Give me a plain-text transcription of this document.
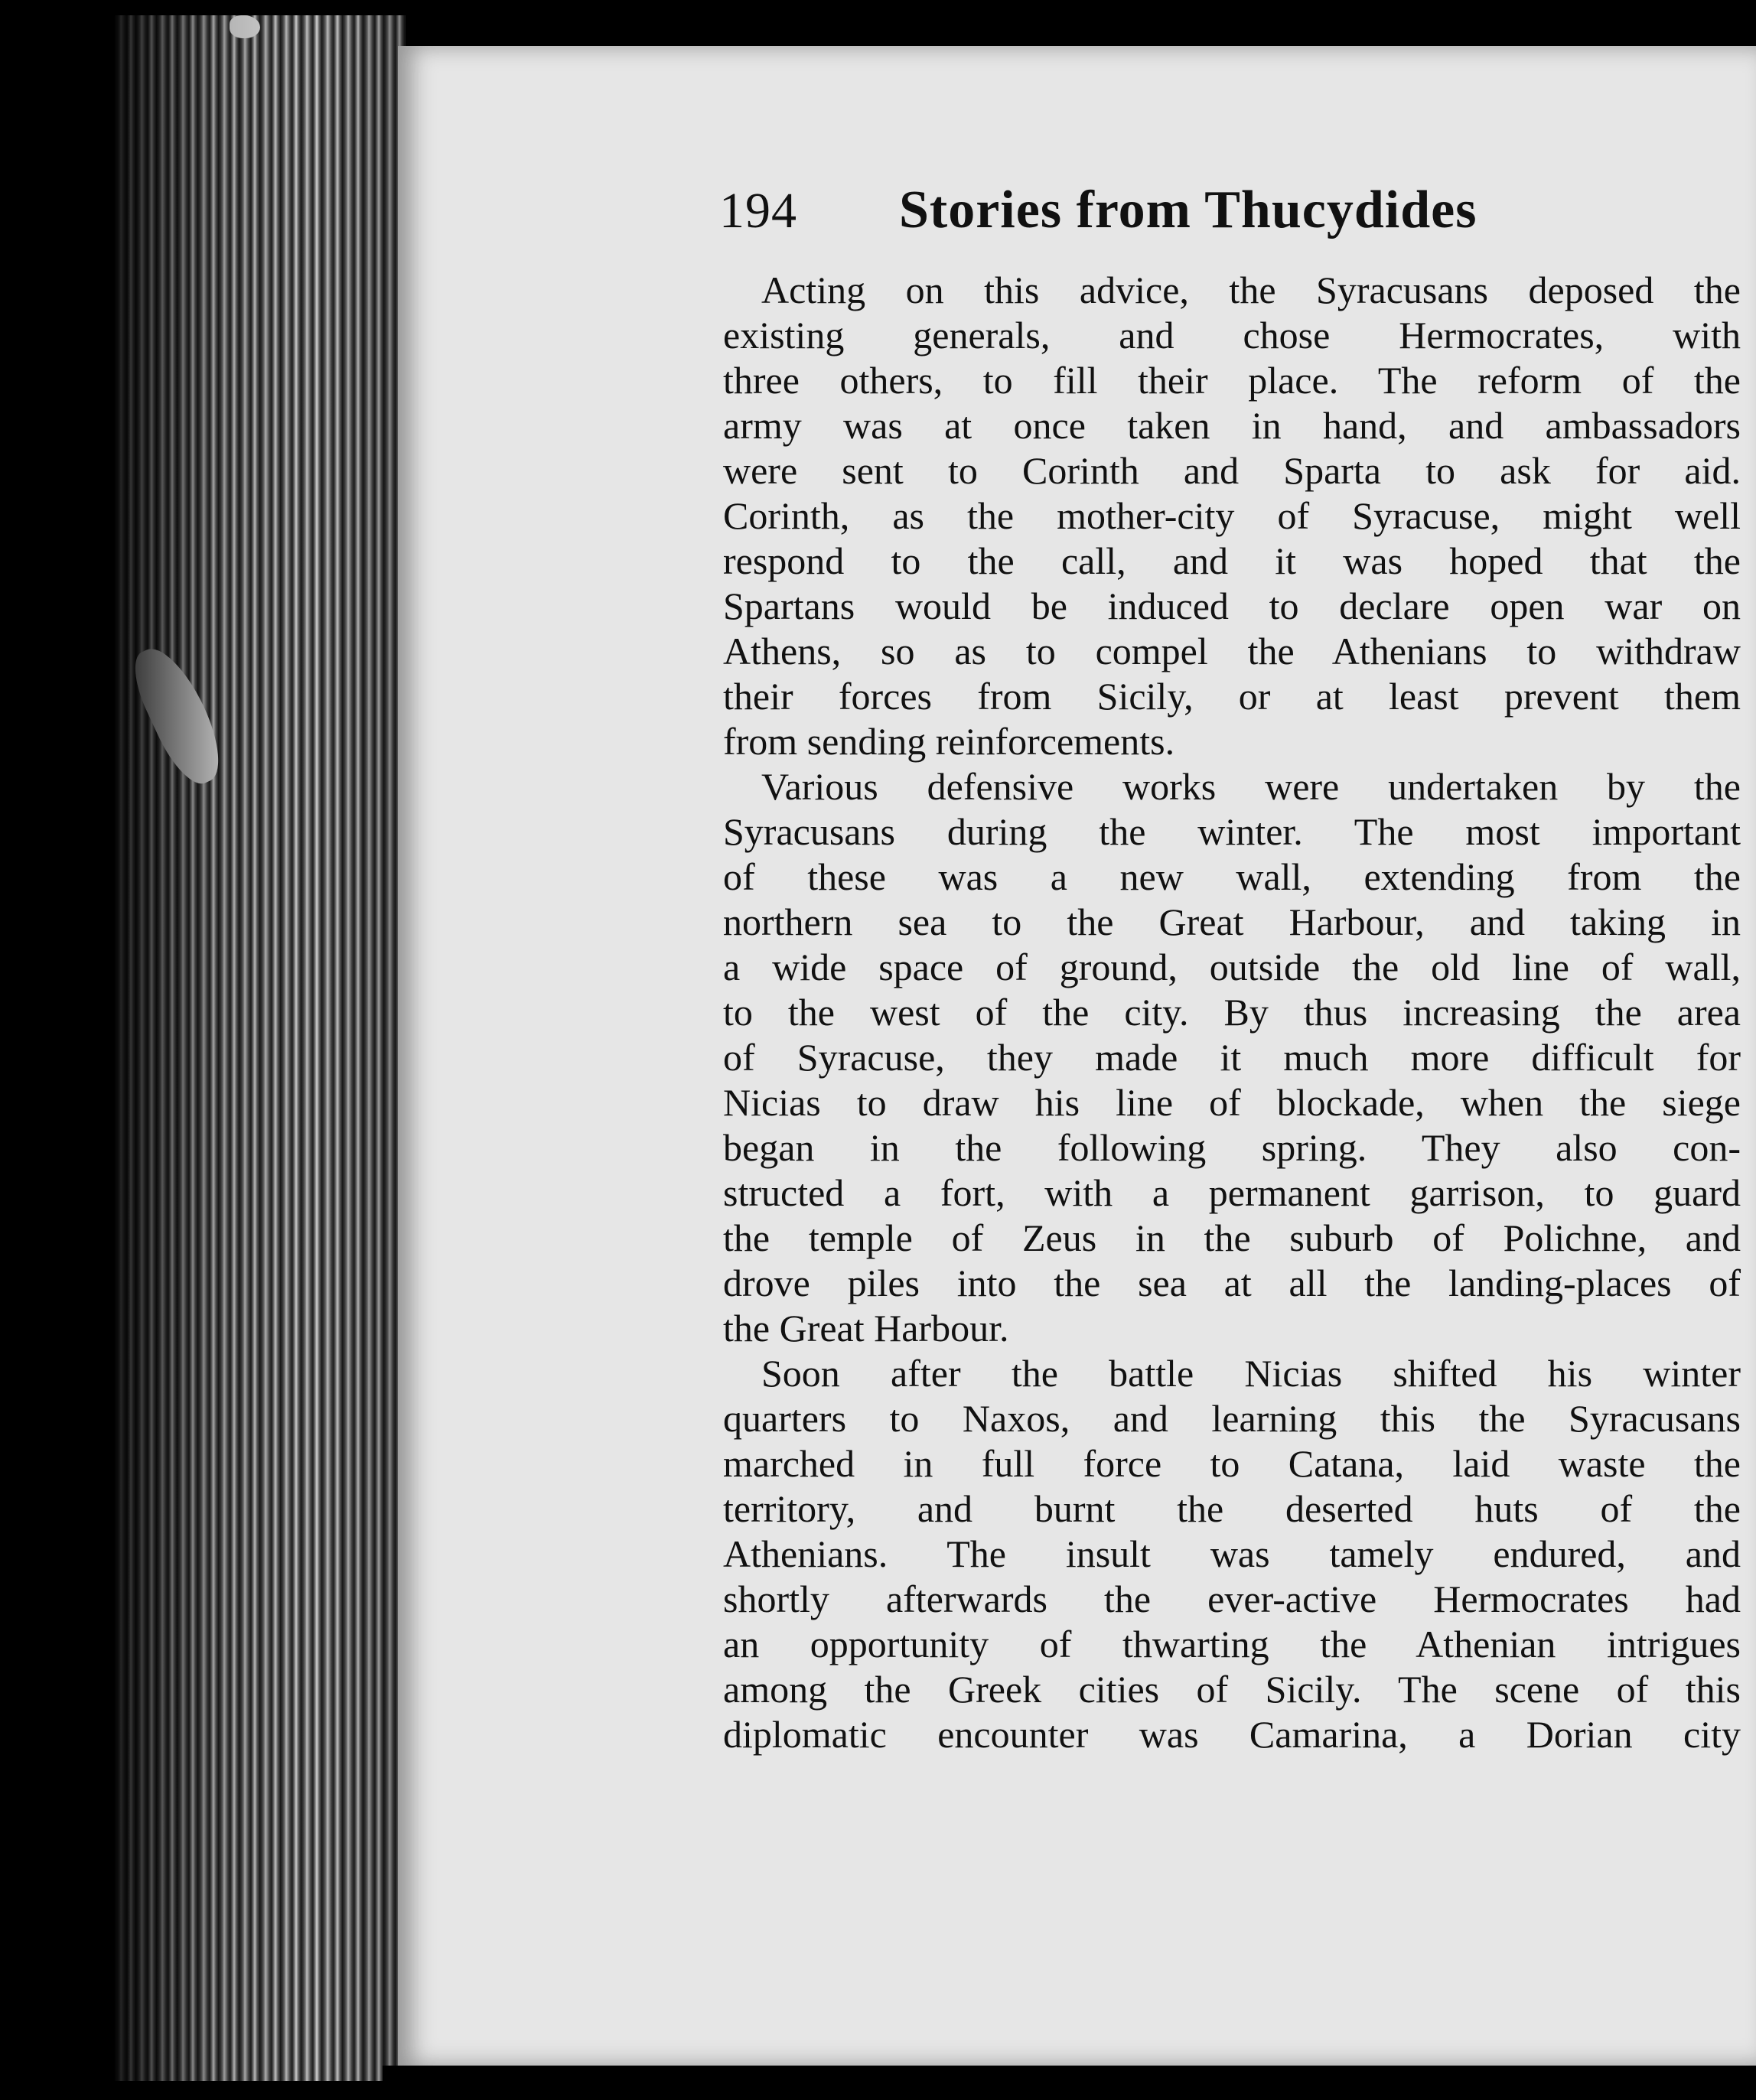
194	Stories from Thucydides
Acting on this advice, the Syracusans deposed the
existing generals, and chose Hermocrates, with
three others, to fill their place. The reform of the
army was at once taken in hand, and ambassadors
were sent to Corinth and Sparta to ask for aid.
Corinth, as the mother-city of Syracuse, might well
respond to the call, and it was hoped that the
Spartans would be induced to declare open war on
Athens, so as to compel the Athenians to withdraw
their forces from Sicily, or at least prevent them
from sending reinforcements.
Various defensive works were undertaken by the
Syracusans during the winter. The most important
of these was a new wall, extending from the
northern sea to the Great Harbour, and taking in
a wide space of ground, outside the old line of wall,
to the west of the city. By thus increasing the area
of Syracuse, they made it much more difficult for
Nicias to draw his line of blockade, when the siege
began in the following spring. They also con-
structed a fort, with a permanent garrison, to guard
the temple of Zeus in the suburb of Polichne, and
drove piles into the sea at all the landing-places of
the Great Harbour.
Soon after the battle Nicias shifted his winter
quarters to Naxos, and learning this the Syracusans
marched in full force to Catana, laid waste the
territory, and burnt the deserted huts of the
Athenians. The insult was tamely endured, and
shortly afterwards the ever-active Hermocrates had
an opportunity of thwarting the Athenian intrigues
among the Greek cities of Sicily. The scene of this
diplomatic encounter was Camarina, a Dorian city
